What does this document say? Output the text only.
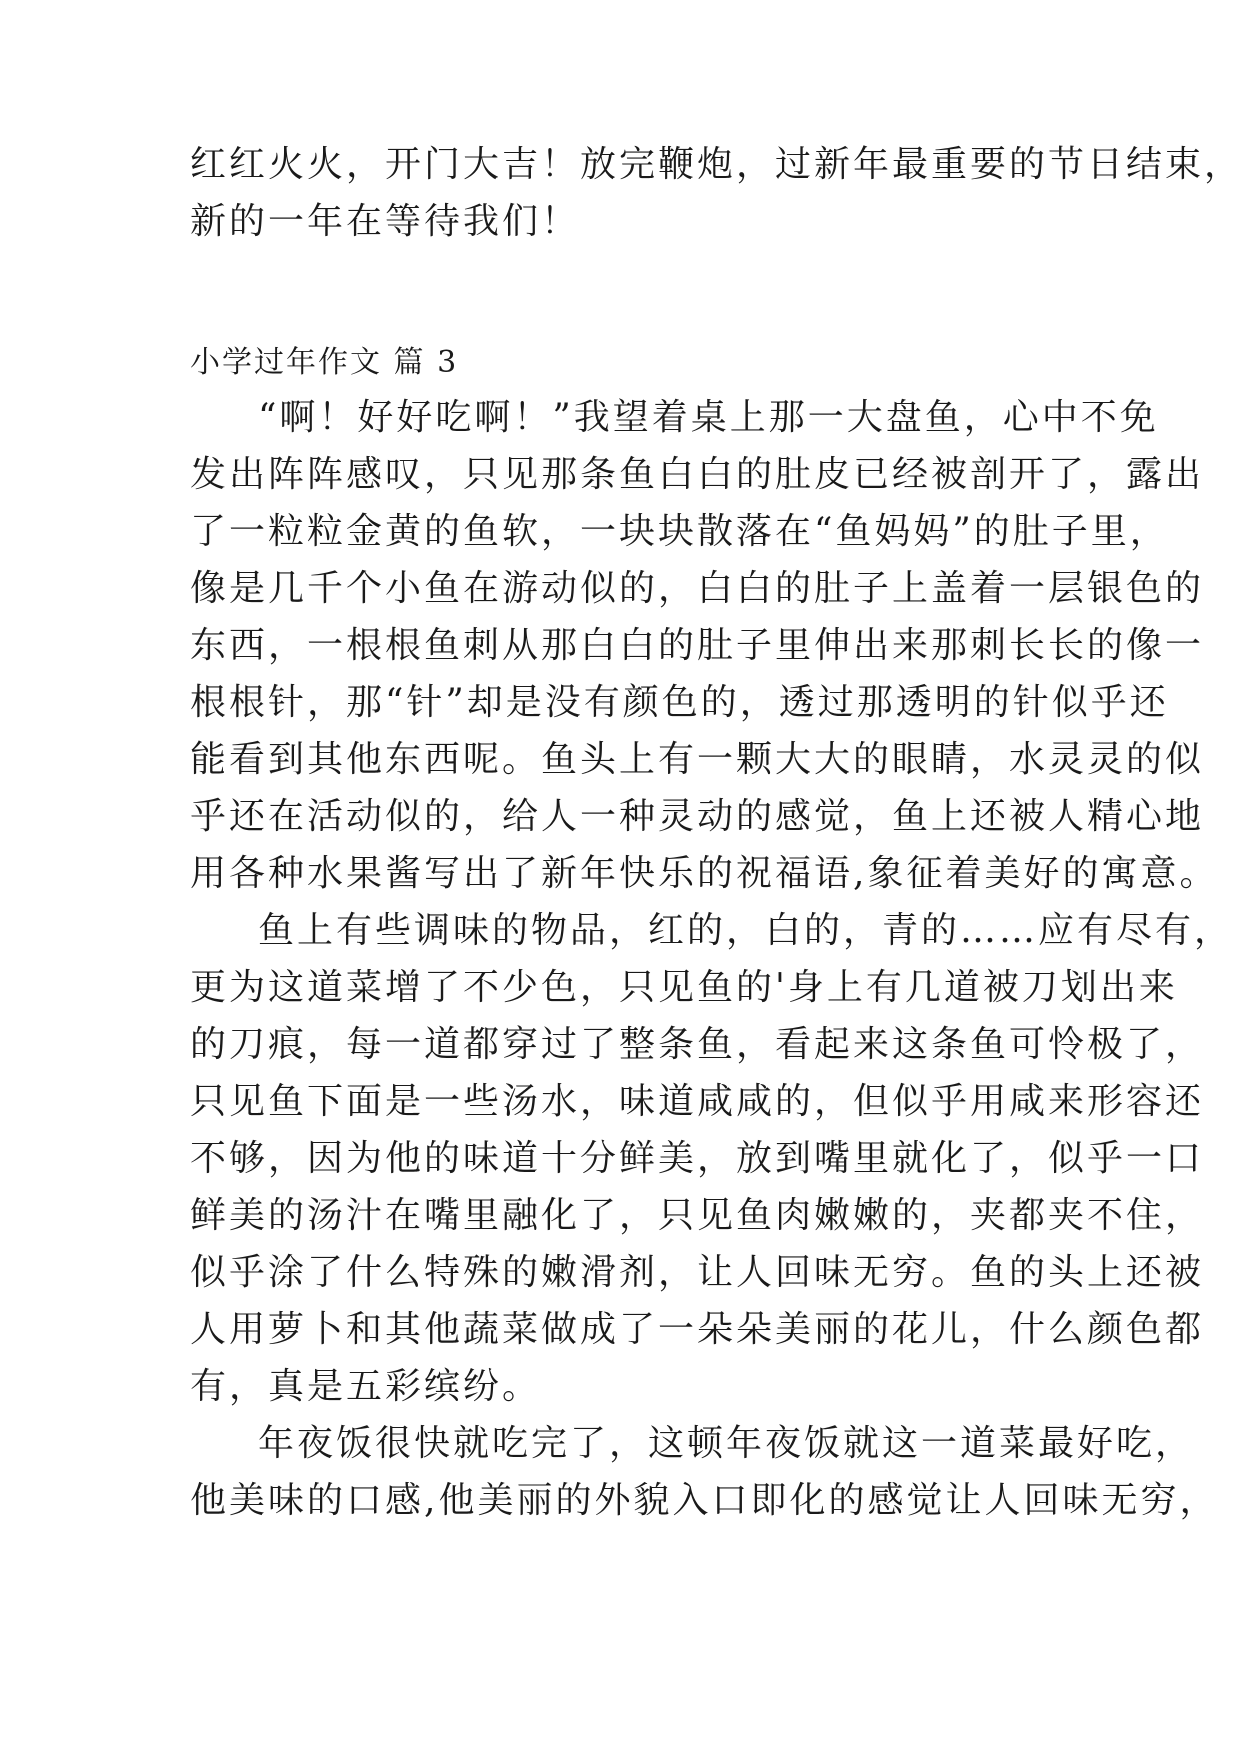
红红火火，开门大吉！放完鞭炮，过新年最重要的节日结束，
新的一年在等待我们！
小学过年作文 篇 3
“啊！好好吃啊！”我望着桌上那一大盘鱼，心中不免
发出阵阵感叹，只见那条鱼白白的肚皮已经被剖开了，露出
了一粒粒金黄的鱼软，一块块散落在“鱼妈妈”的肚子里，
像是几千个小鱼在游动似的，白白的肚子上盖着一层银色的
东西，一根根鱼刺从那白白的肚子里伸出来那刺长长的像一
根根针，那“针”却是没有颜色的，透过那透明的针似乎还
能看到其他东西呢。鱼头上有一颗大大的眼睛，水灵灵的似
乎还在活动似的，给人一种灵动的感觉，鱼上还被人精心地
用各种水果酱写出了新年快乐的祝福语,象征着美好的寓意。
鱼上有些调味的物品，红的，白的，青的……应有尽有，
更为这道菜增了不少色，只见鱼的'身上有几道被刀划出来
的刀痕，每一道都穿过了整条鱼，看起来这条鱼可怜极了，
只见鱼下面是一些汤水，味道咸咸的，但似乎用咸来形容还
不够，因为他的味道十分鲜美，放到嘴里就化了，似乎一口
鲜美的汤汁在嘴里融化了，只见鱼肉嫩嫩的，夹都夹不住，
似乎涂了什么特殊的嫩滑剂，让人回味无穷。鱼的头上还被
人用萝卜和其他蔬菜做成了一朵朵美丽的花儿，什么颜色都
有，真是五彩缤纷。
年夜饭很快就吃完了，这顿年夜饭就这一道菜最好吃，
他美味的口感,他美丽的外貌入口即化的感觉让人回味无穷，
